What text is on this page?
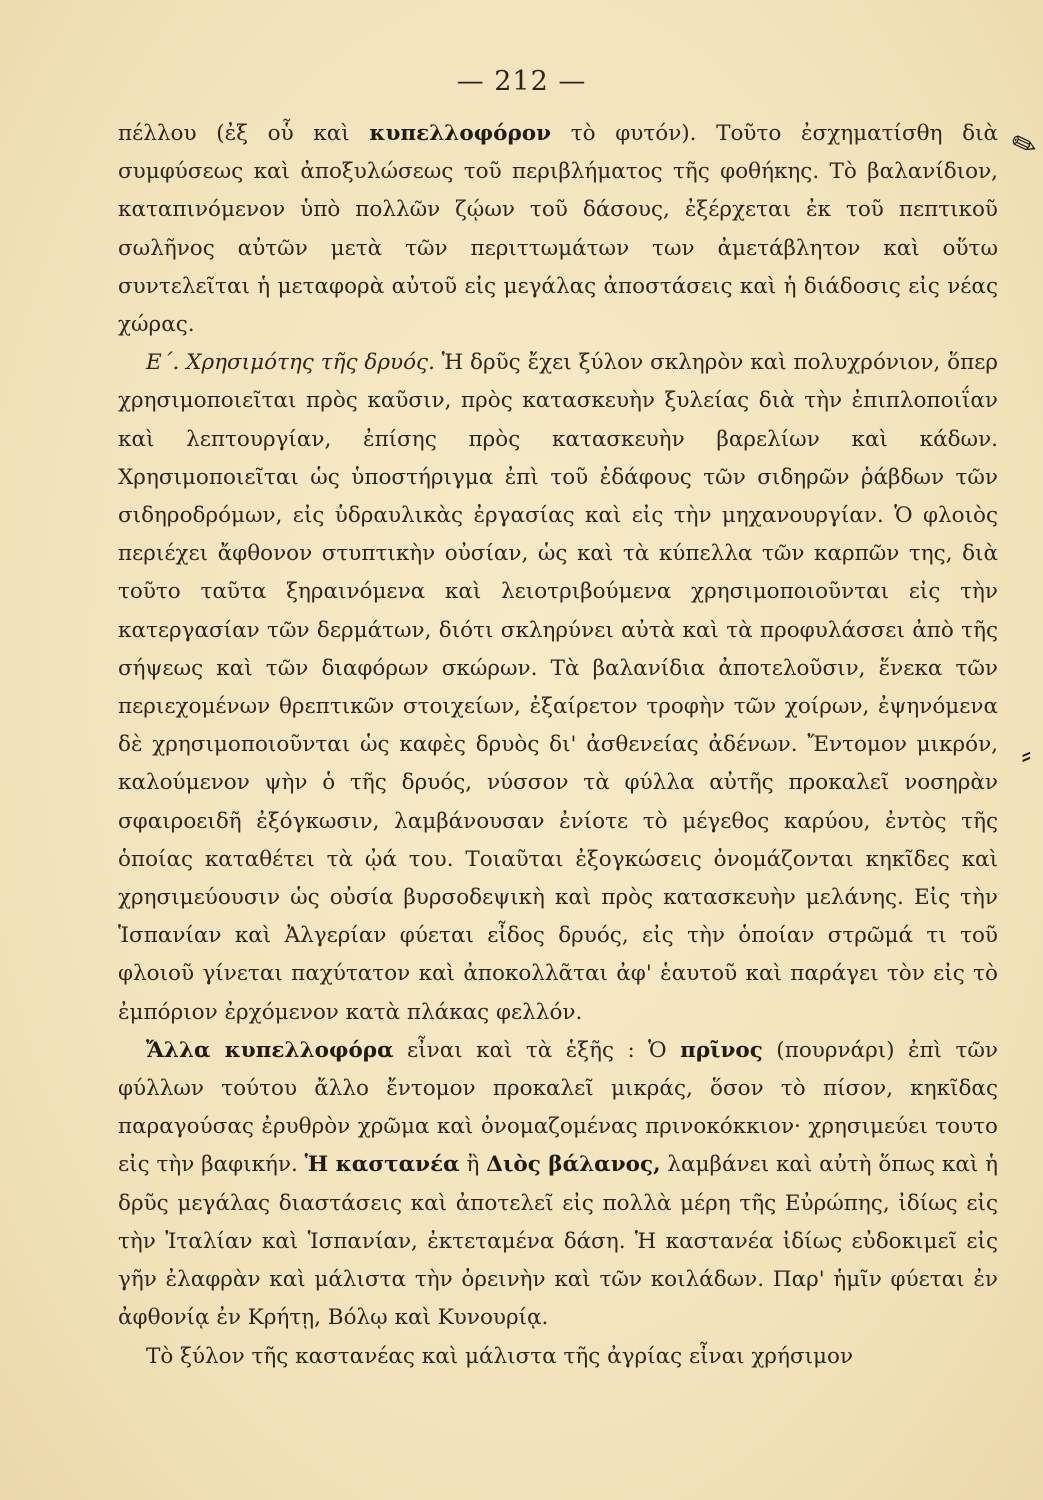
— 212 —

πέλλου (ἐξ οὗ καὶ κυπελλοφόρον τὸ φυτόν). Τοῦτο ἐσχηματίσθη διὰ συμφύσεως καὶ ἀποξυλώσεως τοῦ περιβλήματος τῆς φοθήκης. Τὸ βαλανίδιον, καταπινόμενον ὑπὸ πολλῶν ζῴων τοῦ δάσους, ἐξέρχεται ἐκ τοῦ πεπτικοῦ σωλῆνος αὐτῶν μετὰ τῶν περιττωμάτων των ἀμετάβλητον καὶ οὕτω συντελεῖται ἡ μεταφορὰ αὐτοῦ εἰς μεγάλας ἀποστάσεις καὶ ἡ διάδοσις εἰς νέας χώρας.

Ε΄. Χρησιμότης τῆς δρυός. Ἡ δρῦς ἔχει ξύλον σκληρὸν καὶ πολυχρόνιον, ὅπερ χρησιμοποιεῖται πρὸς καῦσιν, πρὸς κατασκευὴν ξυλείας διὰ τὴν ἐπιπλοποιΐαν καὶ λεπτουργίαν, ἐπίσης πρὸς κατασκευὴν βαρελίων καὶ κάδων. Χρησιμοποιεῖται ὡς ὑποστήριγμα ἐπὶ τοῦ ἐδάφους τῶν σιδηρῶν ῥάβδων τῶν σιδηροδρόμων, εἰς ὑδραυλικὰς ἐργασίας καὶ εἰς τὴν μηχανουργίαν. Ὁ φλοιὸς περιέχει ἄφθονον στυπτικὴν οὐσίαν, ὡς καὶ τὰ κύπελλα τῶν καρπῶν της, διὰ τοῦτο ταῦτα ξηραινόμενα καὶ λειοτριβούμενα χρησιμοποιοῦνται εἰς τὴν κατεργασίαν τῶν δερμάτων, διότι σκληρύνει αὐτὰ καὶ τὰ προφυλάσσει ἀπὸ τῆς σήψεως καὶ τῶν διαφόρων σκώρων. Τὰ βαλανίδια ἀποτελοῦσιν, ἕνεκα τῶν περιεχομένων θρεπτικῶν στοιχείων, ἐξαίρετον τροφὴν τῶν χοίρων, ἐψηνόμενα δὲ χρησιμοποιοῦνται ὡς καφὲς δρυὸς δι' ἀσθενείας ἀδένων. Ἔντομον μικρόν, καλούμενον ψὴν ὁ τῆς δρυός, νύσσον τὰ φύλλα αὐτῆς προκαλεῖ νοσηρὰν σφαιροειδῆ ἐξόγκωσιν, λαμβάνουσαν ἐνίοτε τὸ μέγεθος καρύου, ἐντὸς τῆς ὁποίας καταθέτει τὰ ᾠά του. Τοιαῦται ἐξογκώσεις ὀνομάζονται κηκῖδες καὶ χρησιμεύουσιν ὡς οὐσία βυρσοδεψικὴ καὶ πρὸς κατασκευὴν μελάνης. Εἰς τὴν Ἱσπανίαν καὶ Ἀλγερίαν φύεται εἶδος δρυός, εἰς τὴν ὁποίαν στρῶμά τι τοῦ φλοιοῦ γίνεται παχύτατον καὶ ἀποκολλᾶται ἀφ' ἑαυτοῦ καὶ παράγει τὸν εἰς τὸ ἐμπόριον ἐρχόμενον κατὰ πλάκας φελλόν.

Ἄλλα κυπελλοφόρα εἶναι καὶ τὰ ἑξῆς : Ὁ πρῖνος (πουρνάρι) ἐπὶ τῶν φύλλων τούτου ἄλλο ἔντομον προκαλεῖ μικράς, ὅσον τὸ πίσον, κηκῖδας παραγούσας ἐρυθρὸν χρῶμα καὶ ὀνομαζομένας πρινοκόκκιον· χρησιμεύει τουτο εἰς τὴν βαφικήν. Ἡ καστανέα ἢ Διὸς βάλανος, λαμβάνει καὶ αὐτὴ ὅπως καὶ ἡ δρῦς μεγάλας διαστάσεις καὶ ἀποτελεῖ εἰς πολλὰ μέρη τῆς Εὐρώπης, ἰδίως εἰς τὴν Ἰταλίαν καὶ Ἱσπανίαν, ἐκτεταμένα δάση. Ἡ καστανέα ἰδίως εὐδοκιμεῖ εἰς γῆν ἐλαφρὰν καὶ μάλιστα τὴν ὀρεινὴν καὶ τῶν κοιλάδων. Παρ' ἡμῖν φύεται ἐν ἀφθονίᾳ ἐν Κρήτῃ, Βόλῳ καὶ Κυνουρίᾳ.

Τὸ ξύλον τῆς καστανέας καὶ μάλιστα τῆς ἀγρίας εἶναι χρήσιμον

✎
⸗
